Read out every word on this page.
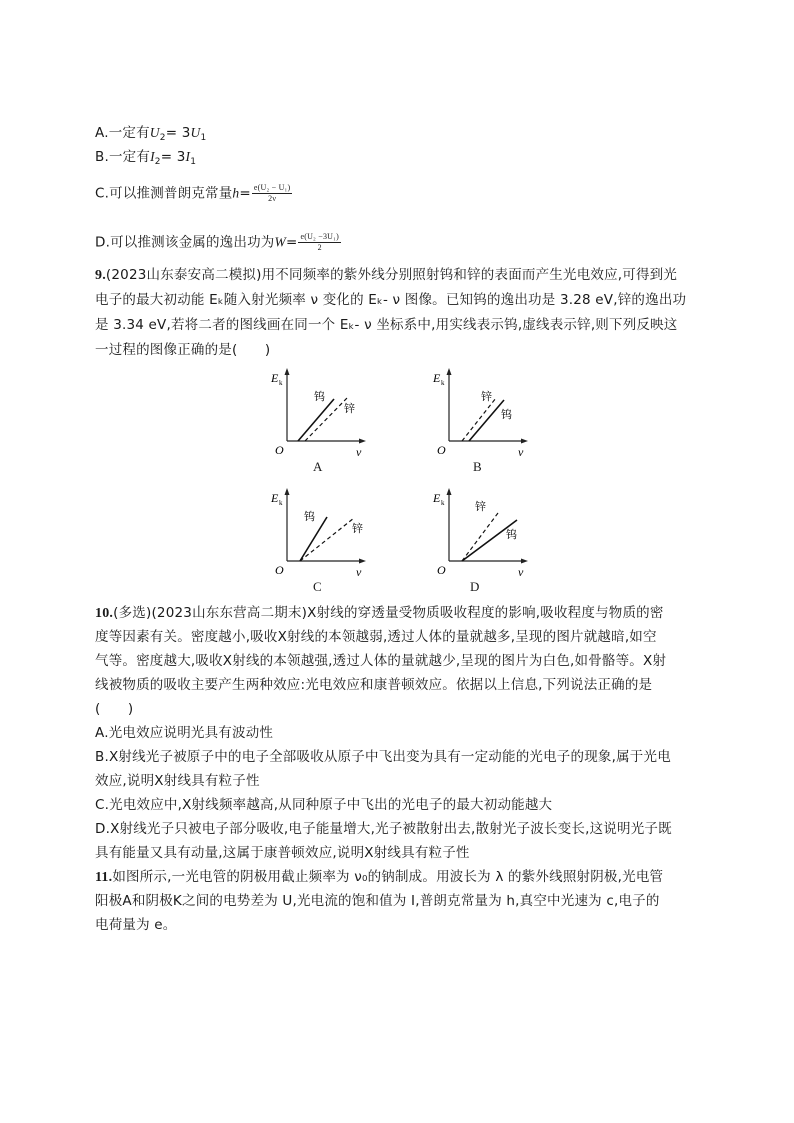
A.一定有$U_2= 3U_1$
B.一定有$I_2= 3I_1$
C.可以推测普朗克常量$h= \frac{\text{e(U₂ − U₁)}}{2\nu}$
D.可以推测该金属的逸出功为$W= \frac{\text{e(U₂ −3U₁)}}{2}$
9.(2023山东泰安高二模拟)用不同频率的紫外线分别照射钨和锌的表面而产生光电效应,可得到光
电子的最大初动能 Eₖ随入射光频率 ν 变化的 Eₖ- ν 图像。已知钨的逸出功是 3.28 eV,锌的逸出功
是 3.34 eV,若将二者的图线画在同一个 Eₖ- ν 坐标系中,用实线表示钨,虚线表示锌,则下列反映这
一过程的图像正确的是(　　)
E k
O	ν
钨
锌
A
E k
O	ν
锌
钨
B
E k
O	ν
钨
锌
C
E k
O	ν
锌
钨
D
10.(多选)(2023山东东营高二期末)X射线的穿透量受物质吸收程度的影响,吸收程度与物质的密
度等因素有关。密度越小,吸收X射线的本领越弱,透过人体的量就越多,呈现的图片就越暗,如空
气等。密度越大,吸收X射线的本领越强,透过人体的量就越少,呈现的图片为白色,如骨骼等。X射
线被物质的吸收主要产生两种效应:光电效应和康普顿效应。依据以上信息,下列说法正确的是
(　　)
A.光电效应说明光具有波动性
B.X射线光子被原子中的电子全部吸收从原子中飞出变为具有一定动能的光电子的现象,属于光电
效应,说明X射线具有粒子性
C.光电效应中,X射线频率越高,从同种原子中飞出的光电子的最大初动能越大
D.X射线光子只被电子部分吸收,电子能量增大,光子被散射出去,散射光子波长变长,这说明光子既
具有能量又具有动量,这属于康普顿效应,说明X射线具有粒子性
11.如图所示,一光电管的阴极用截止频率为 ν₀的钠制成。用波长为 λ 的紫外线照射阴极,光电管
阳极A和阴极K之间的电势差为 U,光电流的饱和值为 I,普朗克常量为 h,真空中光速为 c,电子的
电荷量为 e。
